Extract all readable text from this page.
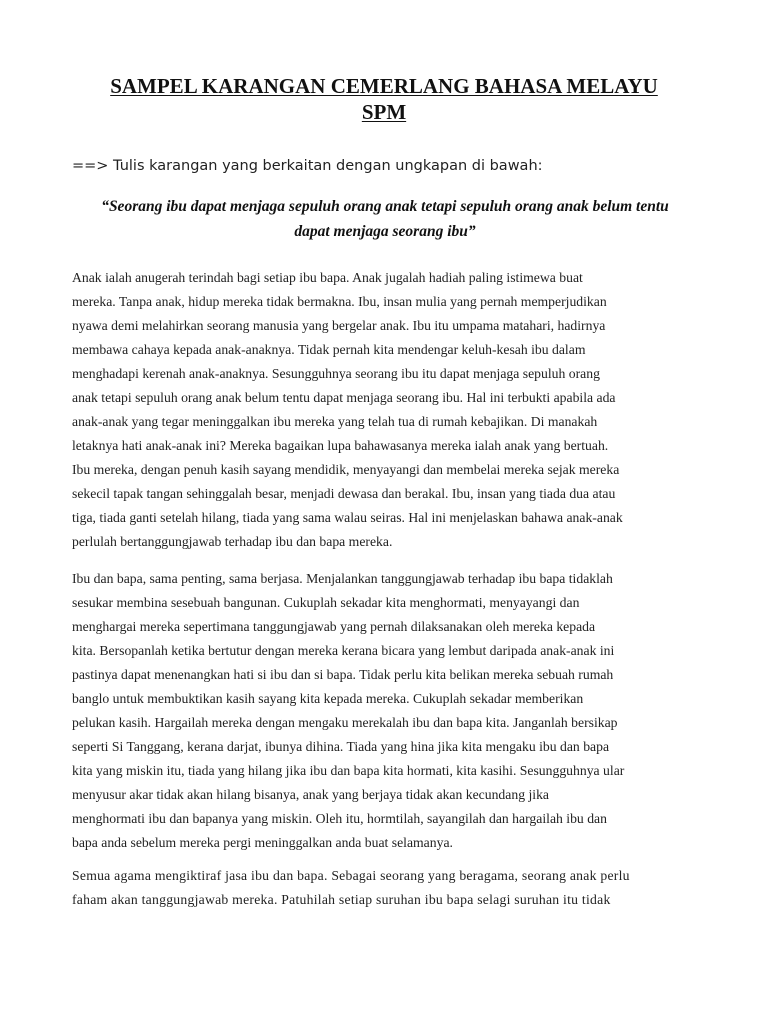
SAMPEL KARANGAN CEMERLANG BAHASA MELAYU
SPM
==> Tulis karangan yang berkaitan dengan ungkapan di bawah:
“Seorang ibu dapat menjaga sepuluh orang anak tetapi sepuluh orang anak belum tentu
dapat menjaga seorang ibu”
Anak ialah anugerah terindah bagi setiap ibu bapa. Anak jugalah hadiah paling istimewa buat
mereka. Tanpa anak, hidup mereka tidak bermakna. Ibu, insan mulia yang pernah memperjudikan
nyawa demi melahirkan seorang manusia yang bergelar anak. Ibu itu umpama matahari, hadirnya
membawa cahaya kepada anak-anaknya. Tidak pernah kita mendengar keluh-kesah ibu dalam
menghadapi kerenah anak-anaknya. Sesungguhnya seorang ibu itu dapat menjaga sepuluh orang
anak tetapi sepuluh orang anak belum tentu dapat menjaga seorang ibu. Hal ini terbukti apabila ada
anak-anak yang tegar meninggalkan ibu mereka yang telah tua di rumah kebajikan. Di manakah
letaknya hati anak-anak ini? Mereka bagaikan lupa bahawasanya mereka ialah anak yang bertuah.
Ibu mereka, dengan penuh kasih sayang mendidik, menyayangi dan membelai mereka sejak mereka
sekecil tapak tangan sehinggalah besar, menjadi dewasa dan berakal. Ibu, insan yang tiada dua atau
tiga, tiada ganti setelah hilang, tiada yang sama walau seiras. Hal ini menjelaskan bahawa anak-anak
perlulah bertanggungjawab terhadap ibu dan bapa mereka.
Ibu dan bapa, sama penting, sama berjasa. Menjalankan tanggungjawab terhadap ibu bapa tidaklah
sesukar membina sesebuah bangunan. Cukuplah sekadar kita menghormati, menyayangi dan
menghargai mereka sepertimana tanggungjawab yang pernah dilaksanakan oleh mereka kepada
kita. Bersopanlah ketika bertutur dengan mereka kerana bicara yang lembut daripada anak-anak ini
pastinya dapat menenangkan hati si ibu dan si bapa. Tidak perlu kita belikan mereka sebuah rumah
banglo untuk membuktikan kasih sayang kita kepada mereka. Cukuplah sekadar memberikan
pelukan kasih. Hargailah mereka dengan mengaku merekalah ibu dan bapa kita. Janganlah bersikap
seperti Si Tanggang, kerana darjat, ibunya dihina. Tiada yang hina jika kita mengaku ibu dan bapa
kita yang miskin itu, tiada yang hilang jika ibu dan bapa kita hormati, kita kasihi. Sesungguhnya ular
menyusur akar tidak akan hilang bisanya, anak yang berjaya tidak akan kecundang jika
menghormati ibu dan bapanya yang miskin. Oleh itu, hormtilah, sayangilah dan hargailah ibu dan
bapa anda sebelum mereka pergi meninggalkan anda buat selamanya.
Semua agama mengiktiraf jasa ibu dan bapa. Sebagai seorang yang beragama, seorang anak perlu
faham akan tanggungjawab mereka. Patuhilah setiap suruhan ibu bapa selagi suruhan itu tidak
